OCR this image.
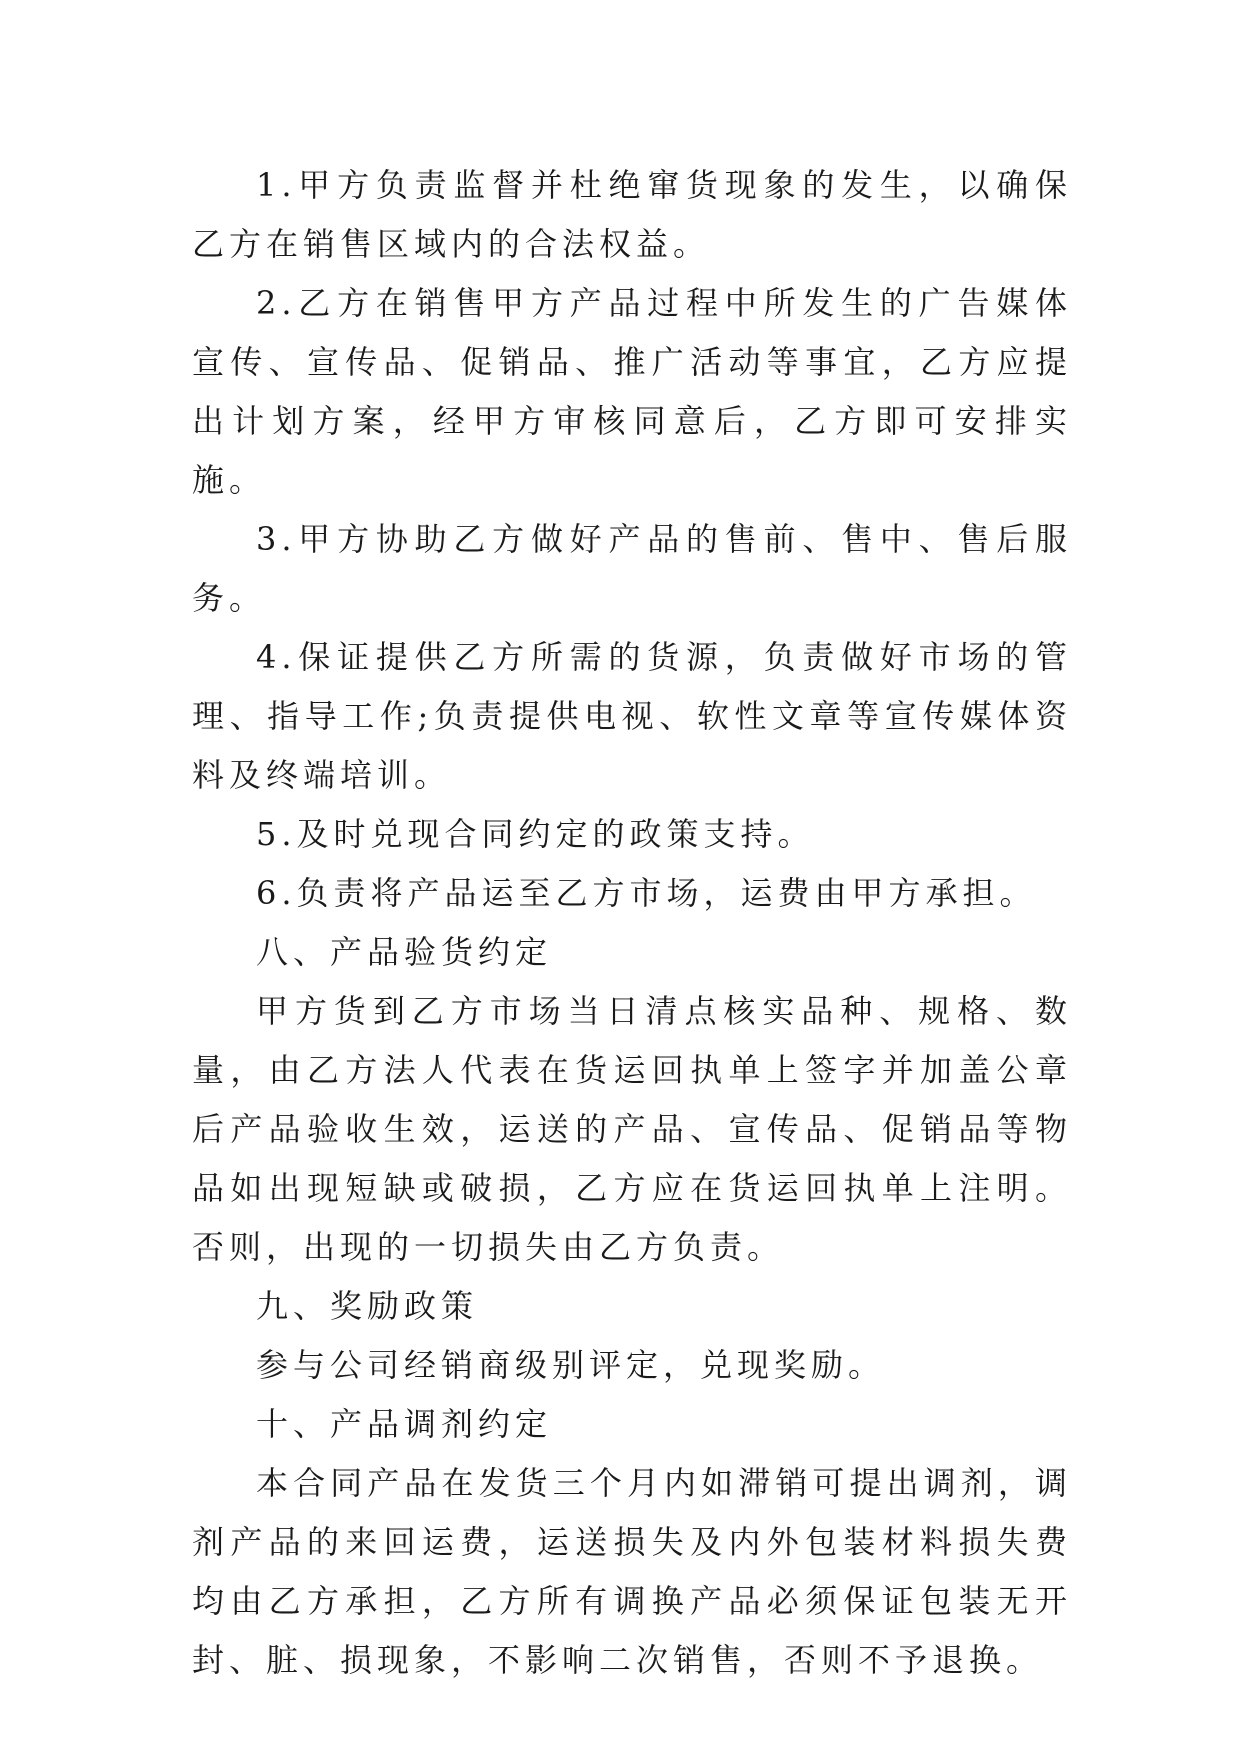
1.甲方负责监督并杜绝窜货现象的发生，以确保乙方在销售区域内的合法权益。

2.乙方在销售甲方产品过程中所发生的广告媒体宣传、宣传品、促销品、推广活动等事宜，乙方应提出计划方案，经甲方审核同意后，乙方即可安排实施。

3.甲方协助乙方做好产品的售前、售中、售后服务。

4.保证提供乙方所需的货源，负责做好市场的管理、指导工作;负责提供电视、软性文章等宣传媒体资料及终端培训。

5.及时兑现合同约定的政策支持。

6.负责将产品运至乙方市场，运费由甲方承担。

八、产品验货约定

甲方货到乙方市场当日清点核实品种、规格、数量，由乙方法人代表在货运回执单上签字并加盖公章后产品验收生效，运送的产品、宣传品、促销品等物品如出现短缺或破损，乙方应在货运回执单上注明。否则，出现的一切损失由乙方负责。

九、奖励政策

参与公司经销商级别评定，兑现奖励。

十、产品调剂约定

本合同产品在发货三个月内如滞销可提出调剂，调剂产品的来回运费，运送损失及内外包装材料损失费均由乙方承担，乙方所有调换产品必须保证包装无开封、脏、损现象，不影响二次销售，否则不予退换。
